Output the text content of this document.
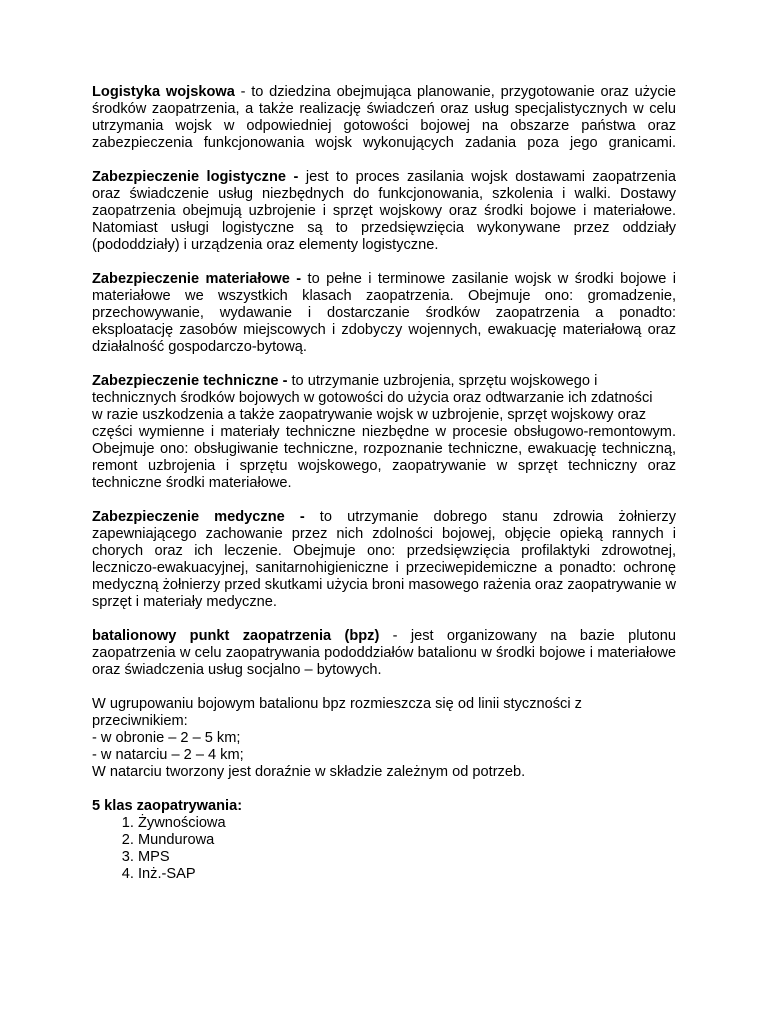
Logistyka wojskowa - to dziedzina obejmująca planowanie, przygotowanie oraz użycie środków zaopatrzenia, a także realizację świadczeń oraz usług specjalistycznych w celu utrzymania wojsk w odpowiedniej gotowości bojowej na obszarze państwa oraz zabezpieczenia funkcjonowania wojsk wykonujących zadania poza jego granicami.

Zabezpieczenie logistyczne - jest to proces zasilania wojsk dostawami zaopatrzenia oraz świadczenie usług niezbędnych do funkcjonowania, szkolenia i walki. Dostawy zaopatrzenia obejmują uzbrojenie i sprzęt wojskowy oraz środki bojowe i materiałowe. Natomiast usługi logistyczne są to przedsięwzięcia wykonywane przez oddziały (pododdziały) i urządzenia oraz elementy logistyczne.

Zabezpieczenie materiałowe - to pełne i terminowe zasilanie wojsk w środki bojowe i materiałowe we wszystkich klasach zaopatrzenia. Obejmuje ono: gromadzenie, przechowywanie, wydawanie i dostarczanie środków zaopatrzenia a ponadto: eksploatację zasobów miejscowych i zdobyczy wojennych, ewakuację materiałową oraz działalność gospodarczo-bytową.

Zabezpieczenie techniczne - to utrzymanie uzbrojenia, sprzętu wojskowego i technicznych środków bojowych w gotowości do użycia oraz odtwarzanie ich zdatności
w razie uszkodzenia a także zaopatrywanie wojsk w uzbrojenie, sprzęt wojskowy oraz
części wymienne i materiały techniczne niezbędne w procesie obsługowo-remontowym. Obejmuje ono: obsługiwanie techniczne, rozpoznanie techniczne, ewakuację techniczną, remont uzbrojenia i sprzętu wojskowego, zaopatrywanie w sprzęt techniczny oraz techniczne środki materiałowe.

Zabezpieczenie medyczne - to utrzymanie dobrego stanu zdrowia żołnierzy zapewniającego zachowanie przez nich zdolności bojowej, objęcie opieką rannych i chorych oraz ich leczenie. Obejmuje ono: przedsięwzięcia profilaktyki zdrowotnej, leczniczo-ewakuacyjnej, sanitarnohigieniczne i przeciwepidemiczne a ponadto: ochronę medyczną żołnierzy przed skutkami użycia broni masowego rażenia oraz zaopatrywanie w sprzęt i materiały medyczne.

batalionowy punkt zaopatrzenia (bpz) - jest organizowany na bazie plutonu zaopatrzenia w celu zaopatrywania pododdziałów batalionu w środki bojowe i materiałowe oraz świadczenia usług socjalno – bytowych.

W ugrupowaniu bojowym batalionu bpz rozmieszcza się od linii styczności z przeciwnikiem:
- w obronie – 2 – 5 km;
- w natarciu – 2 – 4 km;
W natarciu tworzony jest doraźnie w składzie zależnym od potrzeb.

5 klas zaopatrywania:

1. Żywnościowa
2. Mundurowa
3. MPS
4. Inż.-SAP
